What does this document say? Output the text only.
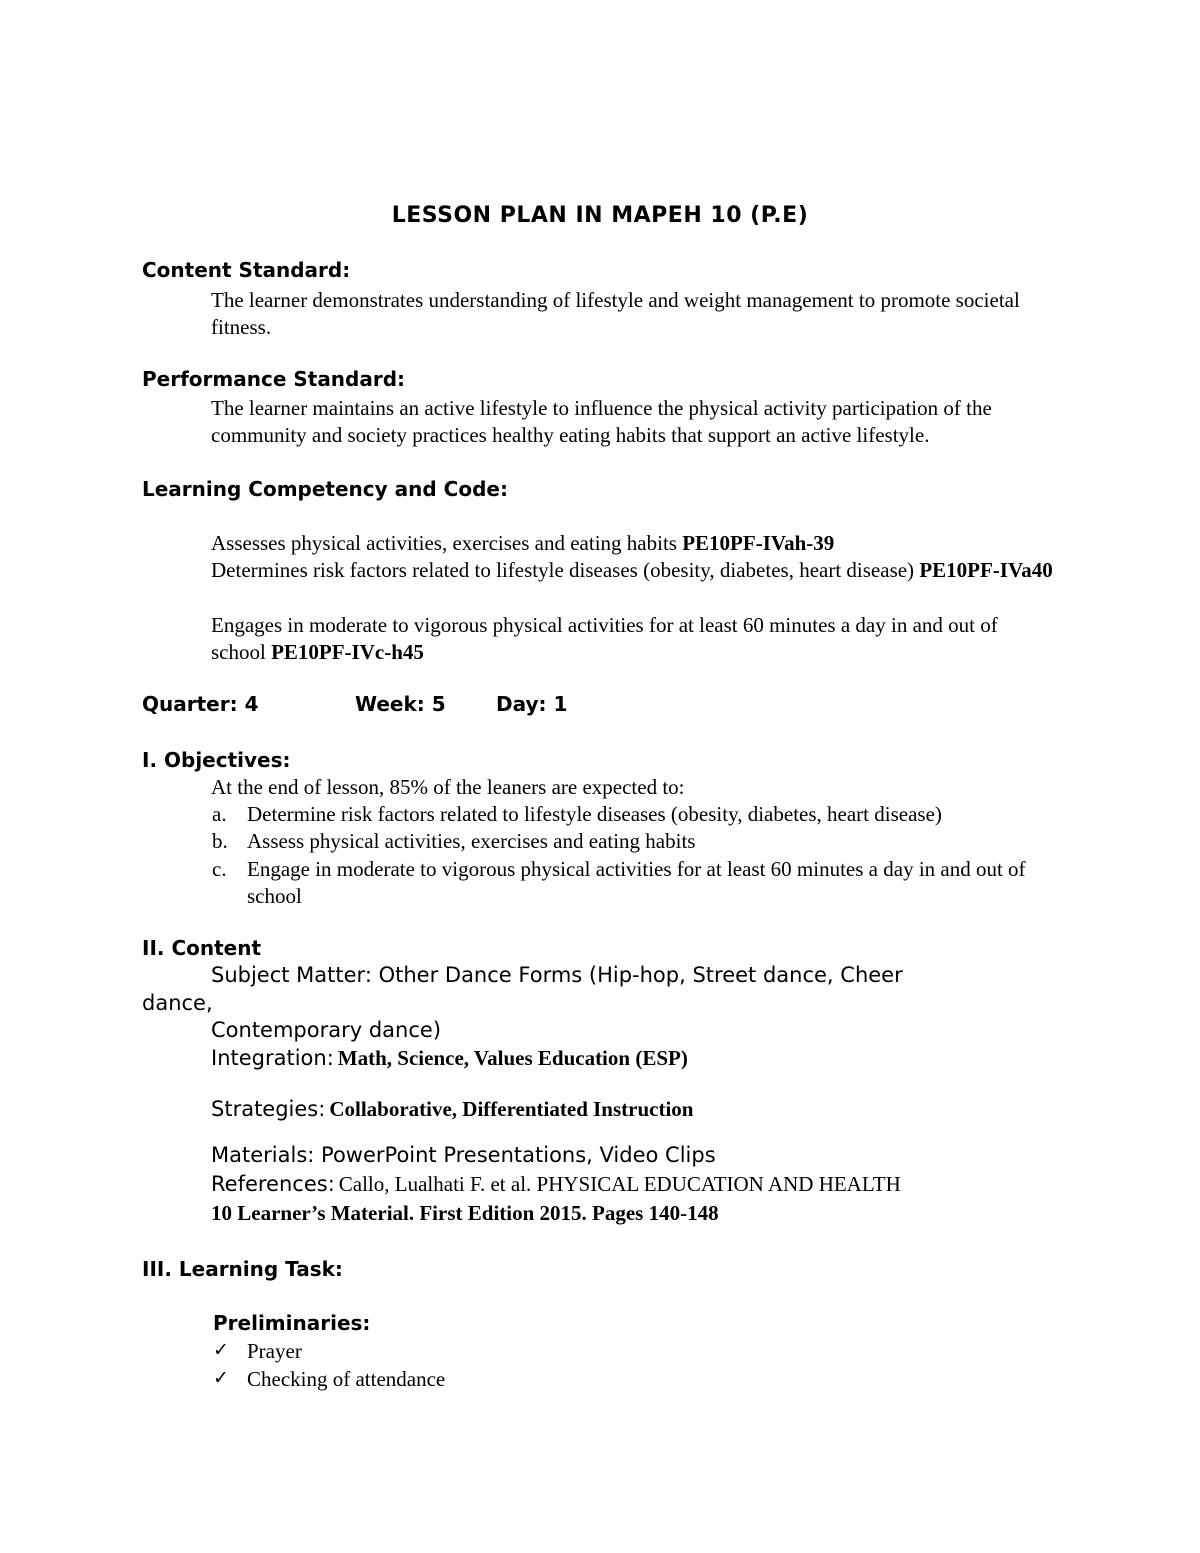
LESSON PLAN IN MAPEH 10 (P.E)
Content Standard:
The learner demonstrates understanding of lifestyle and weight management to promote societal fitness.
Performance Standard:
The learner maintains an active lifestyle to influence the physical activity participation of the community and society practices healthy eating habits that support an active lifestyle.
Learning Competency and Code:
Assesses physical activities, exercises and eating habits PE10PF-IVah-39
Determines risk factors related to lifestyle diseases (obesity, diabetes, heart disease) PE10PF-IVa40
Engages in moderate to vigorous physical activities for at least 60 minutes a day in and out of school PE10PF-IVc-h45
Quarter: 4	Week: 5	Day: 1
I. Objectives:
At the end of lesson, 85% of the leaners are expected to:
a. Determine risk factors related to lifestyle diseases (obesity, diabetes, heart disease)
b. Assess physical activities, exercises and eating habits
c. Engage in moderate to vigorous physical activities for at least 60 minutes a day in and out of school
II. Content
Subject Matter: Other Dance Forms (Hip-hop, Street dance, Cheer
dance,
Contemporary dance)
Integration: Math, Science, Values Education (ESP)
Strategies: Collaborative, Differentiated Instruction
Materials: PowerPoint Presentations, Video Clips
References: Callo, Lualhati F. et al. PHYSICAL EDUCATION AND HEALTH
10 Learner’s Material. First Edition 2015. Pages 140-148
III. Learning Task:
Preliminaries:
✓ Prayer
✓ Checking of attendance
